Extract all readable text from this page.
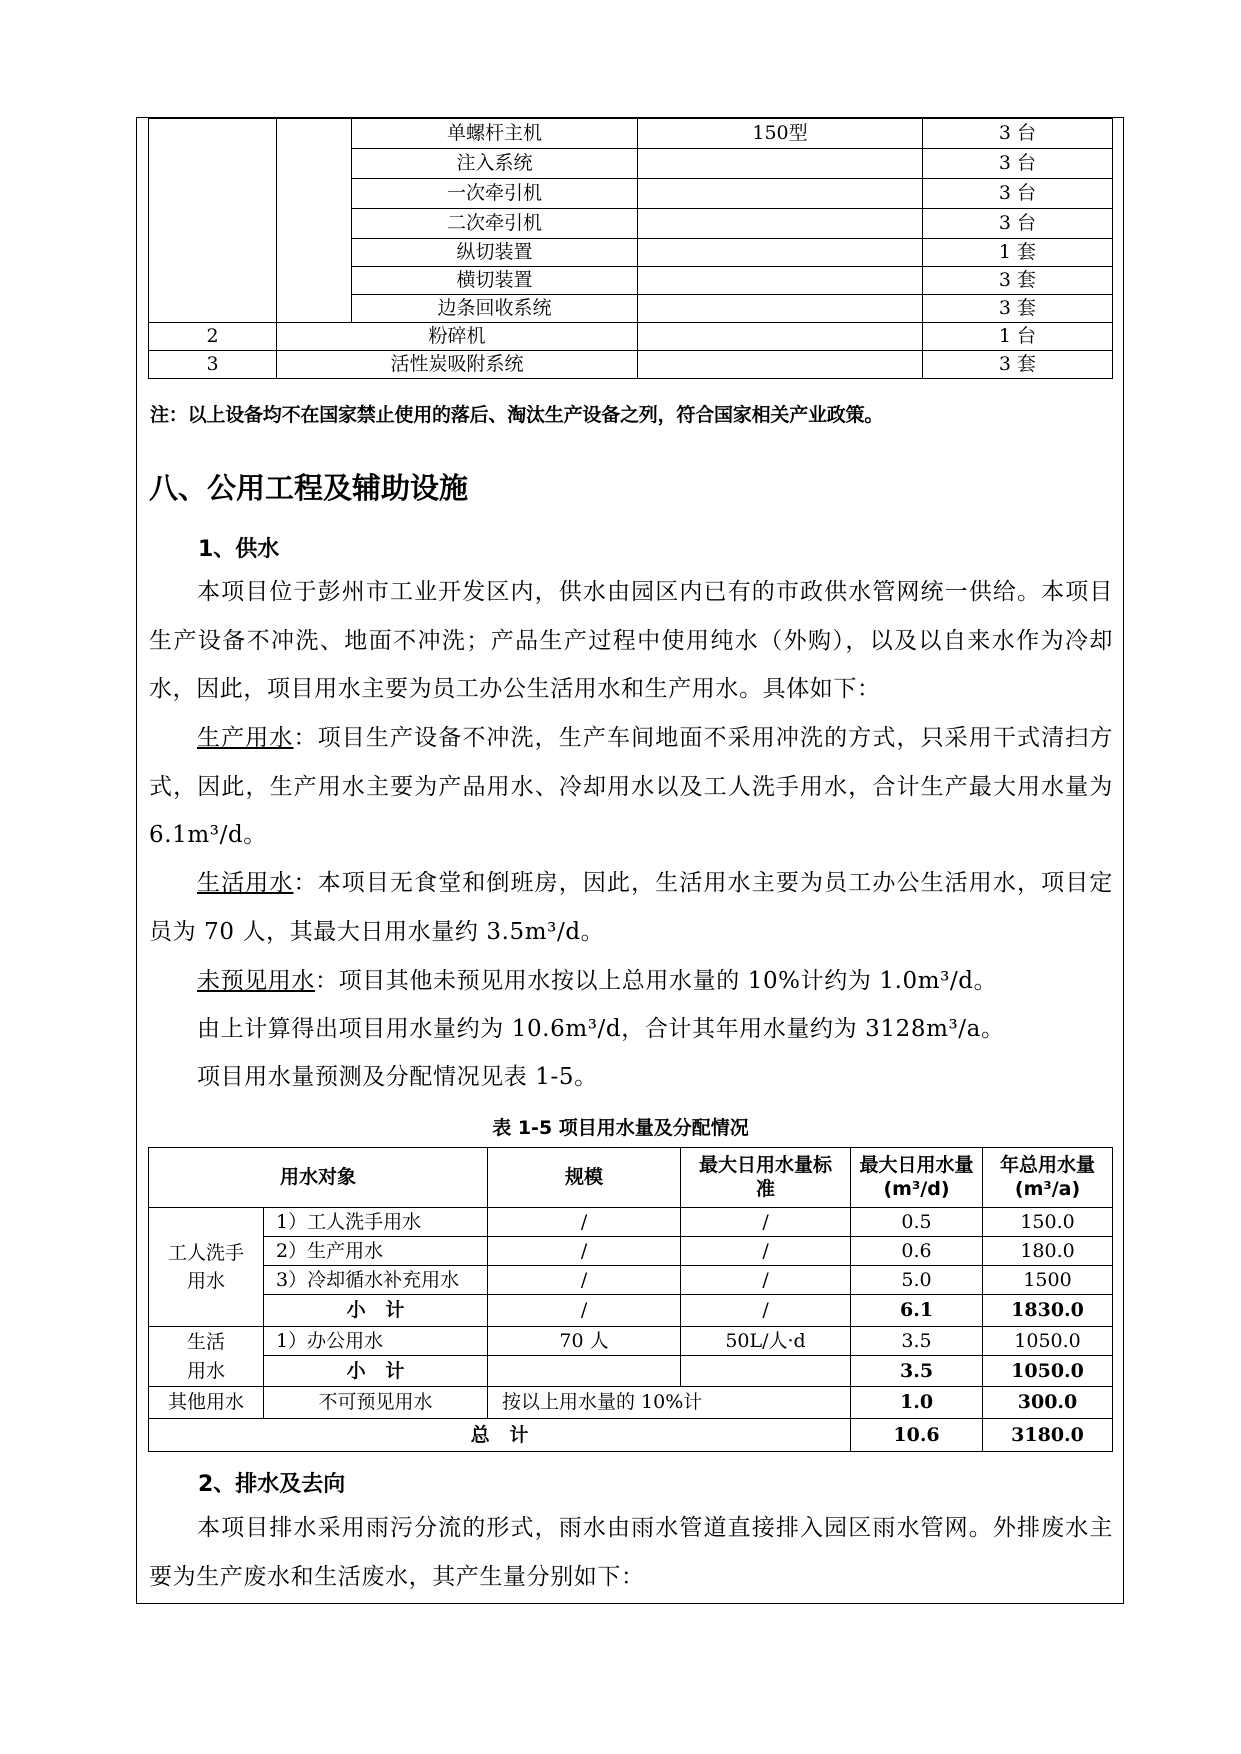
		单螺杆主机	150型	3 台
		注入系统		3 台
		一次牵引机		3 台
		二次牵引机		3 台
		纵切装置		1 套
		横切装置		3 套
		边条回收系统		3 套
2	粉碎机			1 台
3	活性炭吸附系统			3 套
注：以上设备均不在国家禁止使用的落后、淘汰生产设备之列，符合国家相关产业政策。
八、公用工程及辅助设施
1、供水
本项目位于彭州市工业开发区内，供水由园区内已有的市政供水管网统一供给。本项目生产设备不冲洗、地面不冲洗；产品生产过程中使用纯水（外购），以及以自来水作为冷却水，因此，项目用水主要为员工办公生活用水和生产用水。具体如下：
生产用水：项目生产设备不冲洗，生产车间地面不采用冲洗的方式，只采用干式清扫方式，因此，生产用水主要为产品用水、冷却用水以及工人洗手用水，合计生产最大用水量为 6.1m³/d。
生活用水：本项目无食堂和倒班房，因此，生活用水主要为员工办公生活用水，项目定员为 70 人，其最大日用水量约 3.5m³/d。
未预见用水：项目其他未预见用水按以上总用水量的 10%计约为 1.0m³/d。
由上计算得出项目用水量约为 10.6m³/d，合计其年用水量约为 3128m³/a。
项目用水量预测及分配情况见表 1-5。
表 1-5 项目用水量及分配情况
用水对象		规模	最大日用水量标准	最大日用水量(m³/d)	年总用水量(m³/a)
工人洗手用水	1）工人洗手用水	/	/	0.5	150.0
	2）生产用水	/	/	0.6	180.0
	3）冷却循水补充用水	/	/	5.0	1500
	小   计	/	/	6.1	1830.0
生活用水	1）办公用水	70 人	50L/人·d	3.5	1050.0
	小   计			3.5	1050.0
其他用水	不可预见用水	按以上用水量的 10%计		1.0	300.0
总   计				10.6	3180.0
2、排水及去向
本项目排水采用雨污分流的形式，雨水由雨水管道直接排入园区雨水管网。外排废水主要为生产废水和生活废水，其产生量分别如下：
